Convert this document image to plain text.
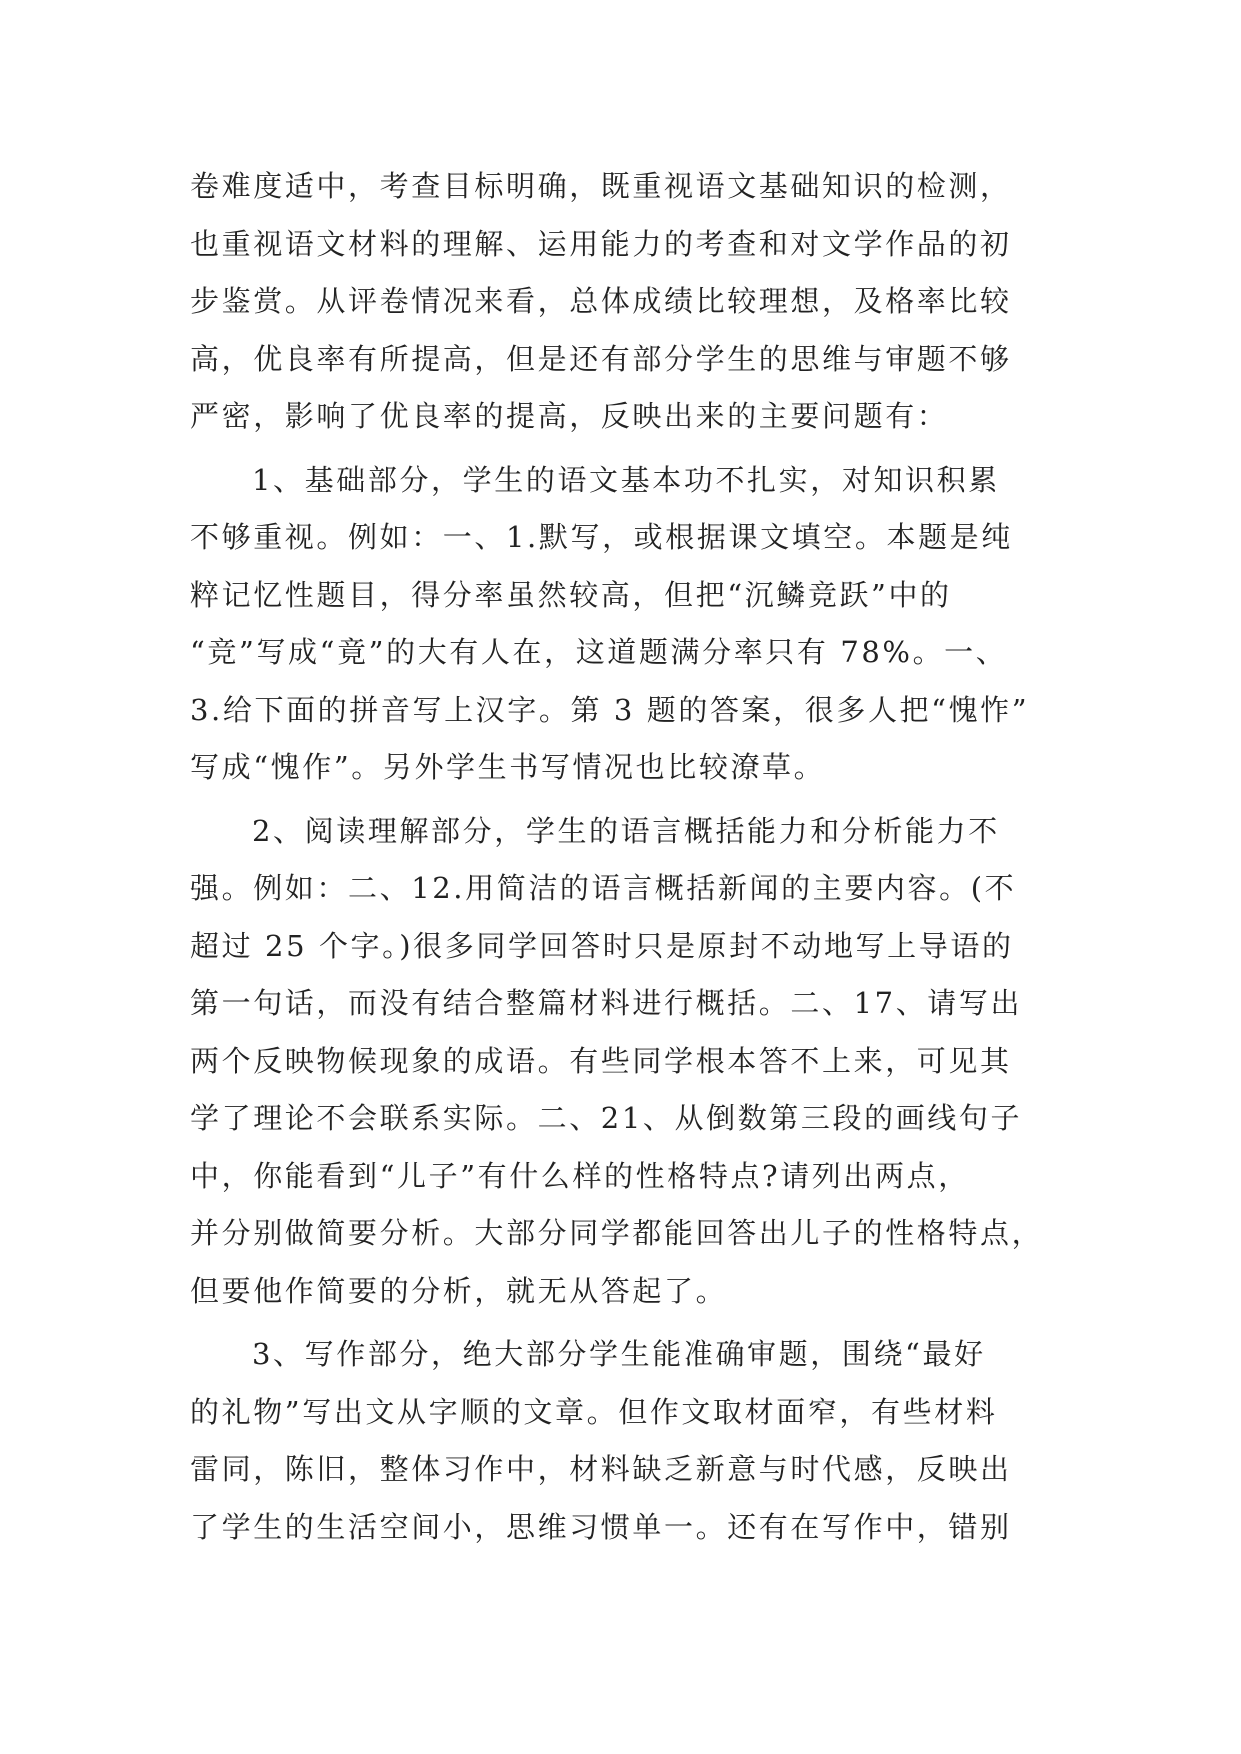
卷难度适中，考查目标明确，既重视语文基础知识的检测，
也重视语文材料的理解、运用能力的考查和对文学作品的初
步鉴赏。从评卷情况来看，总体成绩比较理想，及格率比较
高，优良率有所提高，但是还有部分学生的思维与审题不够
严密，影响了优良率的提高，反映出来的主要问题有：
1、基础部分，学生的语文基本功不扎实，对知识积累
不够重视。例如：一、1.默写，或根据课文填空。本题是纯
粹记忆性题目，得分率虽然较高，但把“沉鳞竞跃”中的
“竞”写成“竟”的大有人在，这道题满分率只有 78%。一、
3.给下面的拼音写上汉字。第 3 题的答案，很多人把“愧怍”
写成“愧作”。另外学生书写情况也比较潦草。
2、阅读理解部分，学生的语言概括能力和分析能力不
强。例如：二、12.用简洁的语言概括新闻的主要内容。(不
超过 25 个字。)很多同学回答时只是原封不动地写上导语的
第一句话，而没有结合整篇材料进行概括。二、17、请写出
两个反映物候现象的成语。有些同学根本答不上来，可见其
学了理论不会联系实际。二、21、从倒数第三段的画线句子
中，你能看到“儿子”有什么样的性格特点?请列出两点，
并分别做简要分析。大部分同学都能回答出儿子的性格特点，
但要他作简要的分析，就无从答起了。
3、写作部分，绝大部分学生能准确审题，围绕“最好
的礼物”写出文从字顺的文章。但作文取材面窄，有些材料
雷同，陈旧，整体习作中，材料缺乏新意与时代感，反映出
了学生的生活空间小，思维习惯单一。还有在写作中，错别
